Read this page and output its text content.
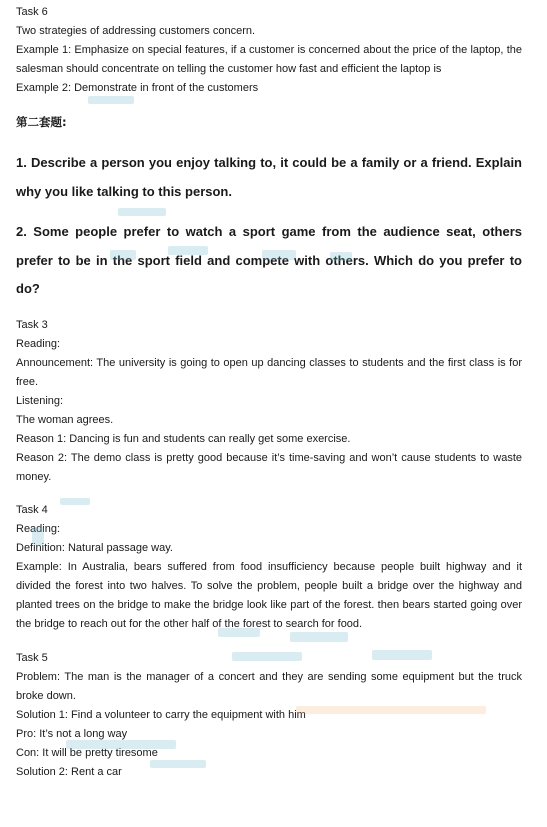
Task 6

Two strategies of addressing customers concern.

Example 1: Emphasize on special features, if a customer is concerned about the price of the laptop, the salesman should concentrate on telling the customer how fast and efficient the laptop is

Example 2: Demonstrate in front of the customers

第二套题:

1. Describe a person you enjoy talking to, it could be a family or a friend. Explain why you like talking to this person.

2. Some people prefer to watch a sport game from the audience seat, others prefer to be in the sport field and compete with others. Which do you prefer to do?

Task 3

Reading:

Announcement: The university is going to open up dancing classes to students and the first class is for free.

Listening:

The woman agrees.

Reason 1: Dancing is fun and students can really get some exercise.

Reason 2: The demo class is pretty good because it’s time-saving and won’t cause students to waste money.

Task 4

Reading:

Definition: Natural passage way.

Example: In Australia, bears suffered from food insufficiency because people built highway and it divided the forest into two halves. To solve the problem, people built a bridge over the highway and planted trees on the bridge to make the bridge look like part of the forest. then bears started going over the bridge to reach out for the other half of the forest to search for food.

Task 5

Problem: The man is the manager of a concert and they are sending some equipment but the truck broke down.

Solution 1: Find a volunteer to carry the equipment with him

Pro: It’s not a long way

Con: It will be pretty tiresome

Solution 2: Rent a car
